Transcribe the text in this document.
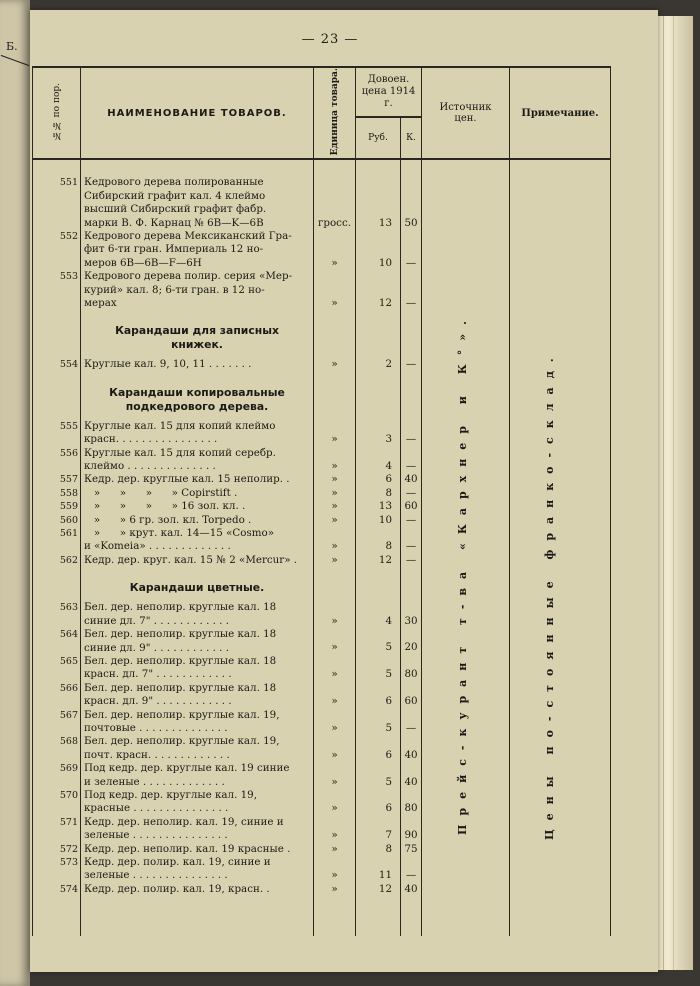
Б.	— 23 —
№№ по пор.	НАИМЕНОВАНИЕ ТОВАРОВ.	Единица товара.	Довоен. цена 1914 г.		Источник цен.	Примечание.
			Руб.	К.		

551	Кедрового дерева полированные
Сибирский графит кал. 4 клеймо
высший Сибирский графит фабр.
марки В. Ф. Карнац № 6B—K—6B	гросс.	13	50		
552	Кедрового дерева Мексиканский Гра-
фит 6-ти гран. Империаль 12 но-
меров 6B—6B—F—6H	»	10	—		
553	Кедрового дерева полир. серия «Мер-
курий» кал. 8; 6-ти гран. в 12 но-
мерах	»	12	—		

	Карандаши для записных
книжек.					

554	Круглые кал. 9, 10, 11 . . . . . . .	»	2	—		

	Карандаши копировальные
подкедрового дерева.					

555	Круглые кал. 15 для копий клеймо
красн. . . . . . . . . . . . . . . .	»	3	—		
556	Круглые кал. 15 для копий серебр.
клеймо . . . . . . . . . . . . . .	»	4	—		
557	Кедр. дер. круглые кал. 15 неполир. .	»	6	40		
558	»      »      »      » Copirstift .	»	8	—		
559	»      »      »      » 16 зол. кл. .	»	13	60		
560	»      » 6 гр. зол. кл. Torpedo .	»	10	—		
561	»      » крут. кал. 14—15 «Cosmo»
и «Komeia» . . . . . . . . . . . . .	»	8	—		
562	Кедр. дер. круг. кал. 15 № 2 «Mercur» .	»	12	—		

	Карандаши цветные.					

563	Бел. дер. неполир. круглые кал. 18
синие дл. 7" . . . . . . . . . . . .	»	4	30		
564	Бел. дер. неполир. круглые кал. 18
синие дл. 9" . . . . . . . . . . . .	»	5	20		
565	Бел. дер. неполир. круглые кал. 18
красн. дл. 7" . . . . . . . . . . . .	»	5	80		
566	Бел. дер. неполир. круглые кал. 18
красн. дл. 9" . . . . . . . . . . . .	»	6	60		
567	Бел. дер. неполир. круглые кал. 19,
почтовые . . . . . . . . . . . . . .	»	5	—		
568	Бел. дер. неполир. круглые кал. 19,
почт. красн. . . . . . . . . . . . .	»	6	40		
569	Под кедр. дер. круглые кал. 19 синие
и зеленые . . . . . . . . . . . . .	»	5	40		
570	Под кедр. дер. круглые кал. 19,
красные . . . . . . . . . . . . . . .	»	6	80		
571	Кедр. дер. неполир. кал. 19, синие и
зеленые . . . . . . . . . . . . . . .	»	7	90		
572	Кедр. дер. неполир. кал. 19 красные .	»	8	75		
573	Кедр. дер. полир. кал. 19, синие и
зеленые . . . . . . . . . . . . . . .	»	11	—		
574	Кедр. дер. полир. кал. 19, красн. .	»	12	40		

Прейс-курант т-ва «Кархнер и К°».	Цены по-стоянные франко-склад.
